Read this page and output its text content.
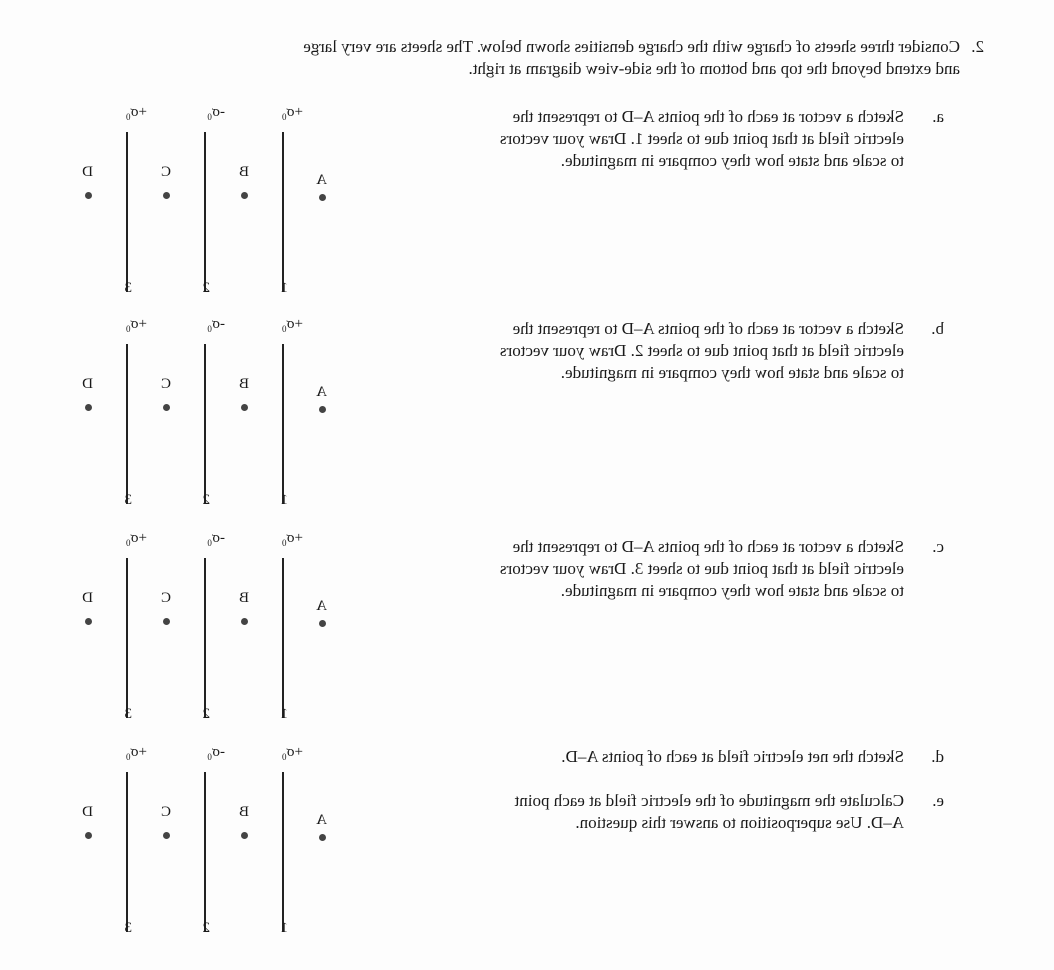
2.
Consider three sheets of charge with the charge densities shown below. The sheets are very large
and extend beyond the top and bottom of the side-view diagram at right.
a.
Sketch a vector at each of the points A–D to represent the
electric field at that point due to sheet 1. Draw your vectors
to scale and state how they compare in magnitude.
b.
Sketch a vector at each of the points A–D to represent the
electric field at that point due to sheet 2. Draw your vectors
to scale and state how they compare in magnitude.
c.
Sketch a vector at each of the points A–D to represent the
electric field at that point due to sheet 3. Draw your vectors
to scale and state how they compare in magnitude.
d.
Sketch the net electric field at each of points A–D.
e.
Calculate the magnitude of the electric field at each point
A–D. Use superposition to answer this question.
$+\sigma_0$
$-\sigma_0$
$+\sigma_0$
1
2
3
A
B
C
D
$+\sigma_0$
$-\sigma_0$
$+\sigma_0$
1
2
3
A
B
C
D
$+\sigma_0$
$-\sigma_0$
$+\sigma_0$
1
2
3
A
B
C
D
$+\sigma_0$
$-\sigma_0$
$+\sigma_0$
1
2
3
A
B
C
D
